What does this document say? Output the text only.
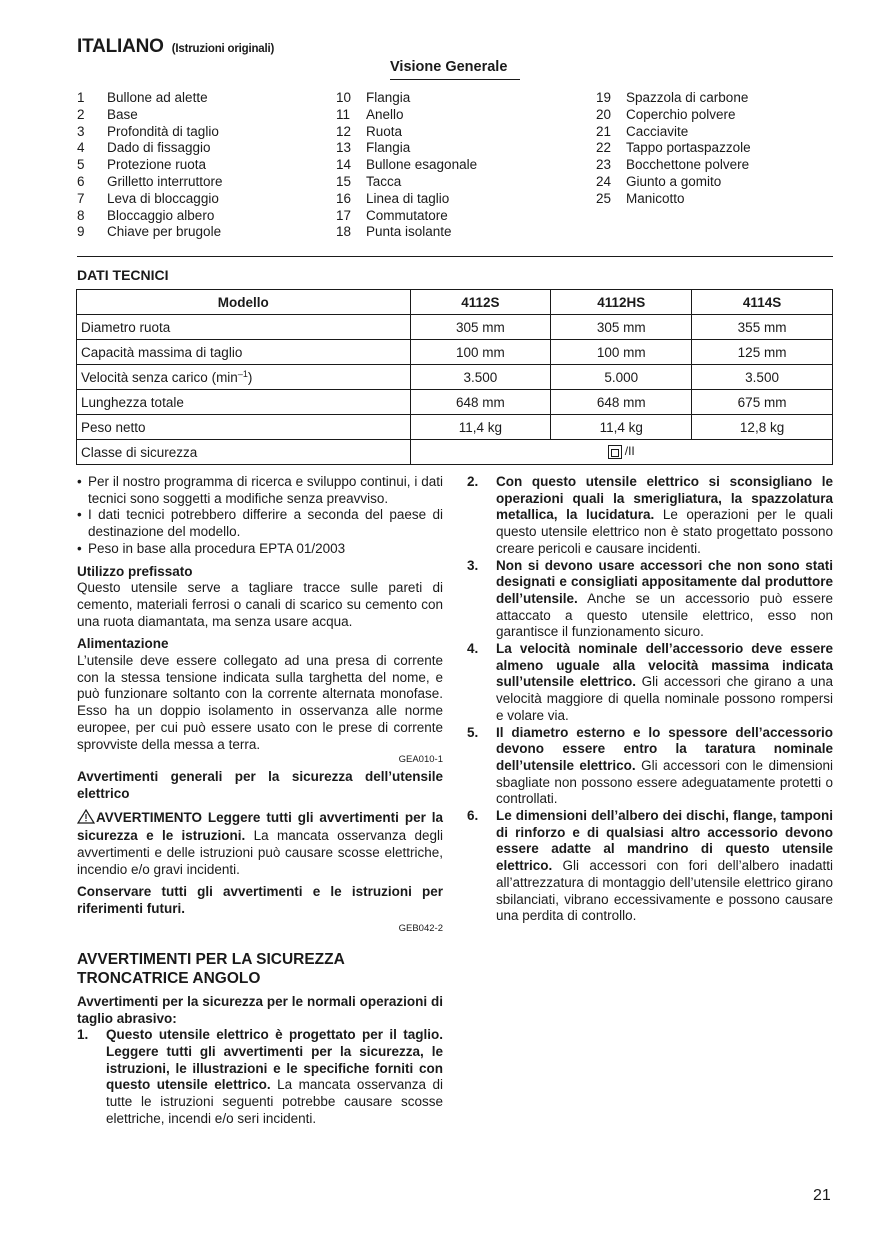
ITALIANO (Istruzioni originali)
Visione Generale
1	Bullone ad alette
2	Base
3	Profondità di taglio
4	Dado di fissaggio
5	Protezione ruota
6	Grilletto interruttore
7	Leva di bloccaggio
8	Bloccaggio albero
9	Chiave per brugole
10	Flangia
11	Anello
12	Ruota
13	Flangia
14	Bullone esagonale
15	Tacca
16	Linea di taglio
17	Commutatore
18	Punta isolante
19	Spazzola di carbone
20	Coperchio polvere
21	Cacciavite
22	Tappo portaspazzole
23	Bocchettone polvere
24	Giunto a gomito
25	Manicotto
DATI TECNICI
Modello	4112S	4112HS	4114S
Diametro ruota	305 mm	305 mm	355 mm
Capacità massima di taglio	100 mm	100 mm	125 mm
Velocità senza carico $(\min^{-1})$	3.500	5.000	3.500
Lunghezza totale	648 mm	648 mm	675 mm
Peso netto	11,4 kg	11,4 kg	12,8 kg
Classe di sicurezza	/II		
• Per il nostro programma di ricerca e sviluppo continui, i dati tecnici sono soggetti a modifiche senza preavviso.
• I dati tecnici potrebbero differire a seconda del paese di destinazione del modello.
• Peso in base alla procedura EPTA 01/2003
Utilizzo prefissato
Questo utensile serve a tagliare tracce sulle pareti di cemento, materiali ferrosi o canali di scarico su cemento con una ruota diamantata, ma senza usare acqua.
Alimentazione
L’utensile deve essere collegato ad una presa di corrente con la stessa tensione indicata sulla targhetta del nome, e può funzionare soltanto con la corrente alternata monofase. Esso ha un doppio isolamento in osservanza alle norme europee, per cui può essere usato con le prese di corrente sprovviste della messa a terra.
GEA010-1
Avvertimenti generali per la sicurezza dell’utensile elettrico
AVVERTIMENTO Leggere tutti gli avvertimenti per la sicurezza e le istruzioni. La mancata osservanza degli avvertimenti e delle istruzioni può causare scosse elettriche, incendio e/o gravi incidenti.
Conservare tutti gli avvertimenti e le istruzioni per riferimenti futuri.
GEB042-2
AVVERTIMENTI PER LA SICUREZZA
TRONCATRICE ANGOLO
Avvertimenti per la sicurezza per le normali operazioni di taglio abrasivo:
1.	Questo utensile elettrico è progettato per il taglio. Leggere tutti gli avvertimenti per la sicurezza, le istruzioni, le illustrazioni e le specifiche forniti con questo utensile elettrico. La mancata osservanza di tutte le istruzioni seguenti potrebbe causare scosse elettriche, incendi e/o seri incidenti.
2.	Con questo utensile elettrico si sconsigliano le operazioni quali la smerigliatura, la spazzolatura metallica, la lucidatura. Le operazioni per le quali questo utensile elettrico non è stato progettato possono creare pericoli e causare incidenti.
3.	Non si devono usare accessori che non sono stati designati e consigliati appositamente dal produttore dell’utensile. Anche se un accessorio può essere attaccato a questo utensile elettrico, esso non garantisce il funzionamento sicuro.
4.	La velocità nominale dell’accessorio deve essere almeno uguale alla velocità massima indicata sull’utensile elettrico. Gli accessori che girano a una velocità maggiore di quella nominale possono rompersi e volare via.
5.	Il diametro esterno e lo spessore dell’accessorio devono essere entro la taratura nominale dell’utensile elettrico. Gli accessori con le dimensioni sbagliate non possono essere adeguatamente protetti o controllati.
6.	Le dimensioni dell’albero dei dischi, flange, tamponi di rinforzo e di qualsiasi altro accessorio devono essere adatte al mandrino di questo utensile elettrico. Gli accessori con fori dell’albero inadatti all’attrezzatura di montaggio dell’utensile elettrico girano sbilanciati, vibrano eccessivamente e possono causare una perdita di controllo.
21
